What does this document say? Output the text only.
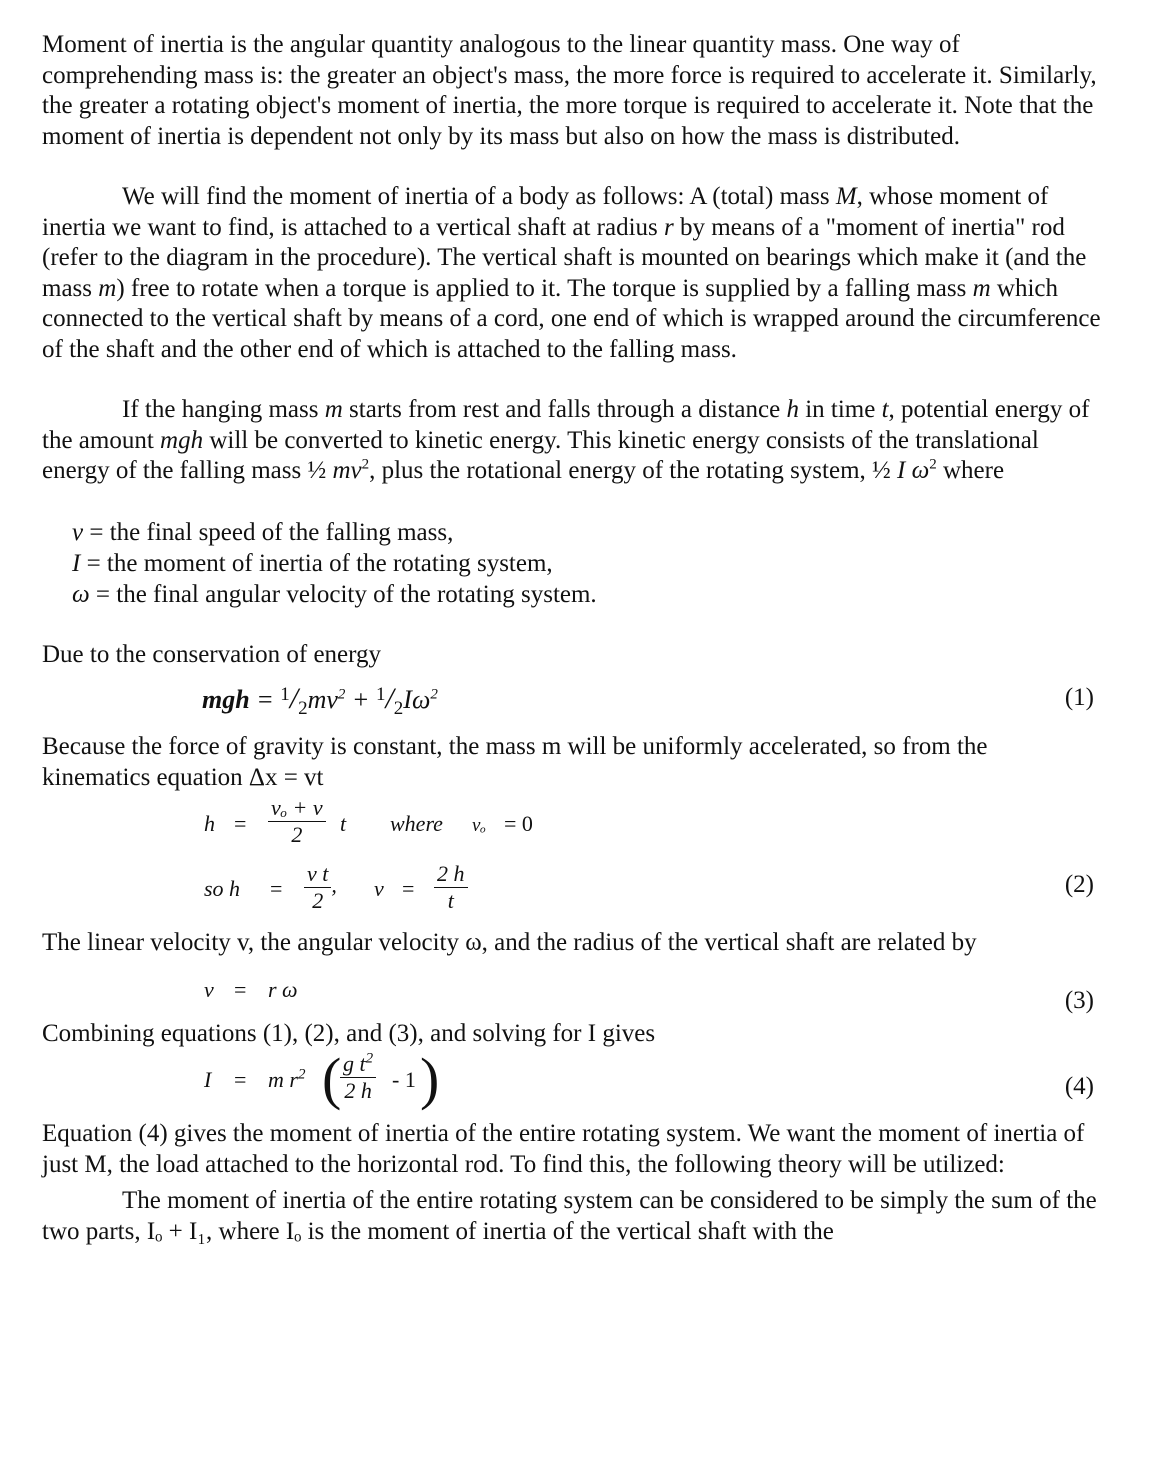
Moment of inertia is the angular quantity analogous to the linear quantity mass. One way of comprehending mass is: the greater an object's mass, the more force is required to accelerate it. Similarly, the greater a rotating object's moment of inertia, the more torque is required to accelerate it. Note that the moment of inertia is dependent not only by its mass but also on how the mass is distributed.

We will find the moment of inertia of a body as follows: A (total) mass M, whose moment of inertia we want to find, is attached to a vertical shaft at radius r by means of a "moment of inertia" rod (refer to the diagram in the procedure). The vertical shaft is mounted on bearings which make it (and the mass m) free to rotate when a torque is applied to it. The torque is supplied by a falling mass m which connected to the vertical shaft by means of a cord, one end of which is wrapped around the circumference of the shaft and the other end of which is attached to the falling mass.

If the hanging mass m starts from rest and falls through a distance h in time t, potential energy of the amount mgh will be converted to kinetic energy. This kinetic energy consists of the translational energy of the falling mass ½ $mv^2$, plus the rotational energy of the rotating system, ½ I $\omega^2$ where

v = the final speed of the falling mass,
I = the moment of inertia of the rotating system,
ω = the final angular velocity of the rotating system.

Due to the conservation of energy

mgh = $^1/_2mv^2 + ^1/_2I\omega^2$	(1)

Because the force of gravity is constant, the mass m will be uniformly accelerated, so from the kinematics equation Δx = vt

$h = \frac{\text{vₒ + v}}{2}$ t where vₒ = 0
so $h = \frac{\text{v t}}{2}$ , $v = \frac{2 h}{t}$	(2)

The linear velocity v, the angular velocity ω, and the radius of the vertical shaft are related by

v = r ω	(3)

Combining equations (1), (2), and (3), and solving for I gives

I = m $r^2$ (
$\frac{g t^2}{2 h} - 1$ )	(4)

Equation (4) gives the moment of inertia of the entire rotating system. We want the moment of inertia of just M, the load attached to the horizontal rod. To find this, the following theory will be utilized:

The moment of inertia of the entire rotating system can be considered to be simply the sum of the two parts, Iₒ + I₁, where Iₒ is the moment of inertia of the vertical shaft with the
